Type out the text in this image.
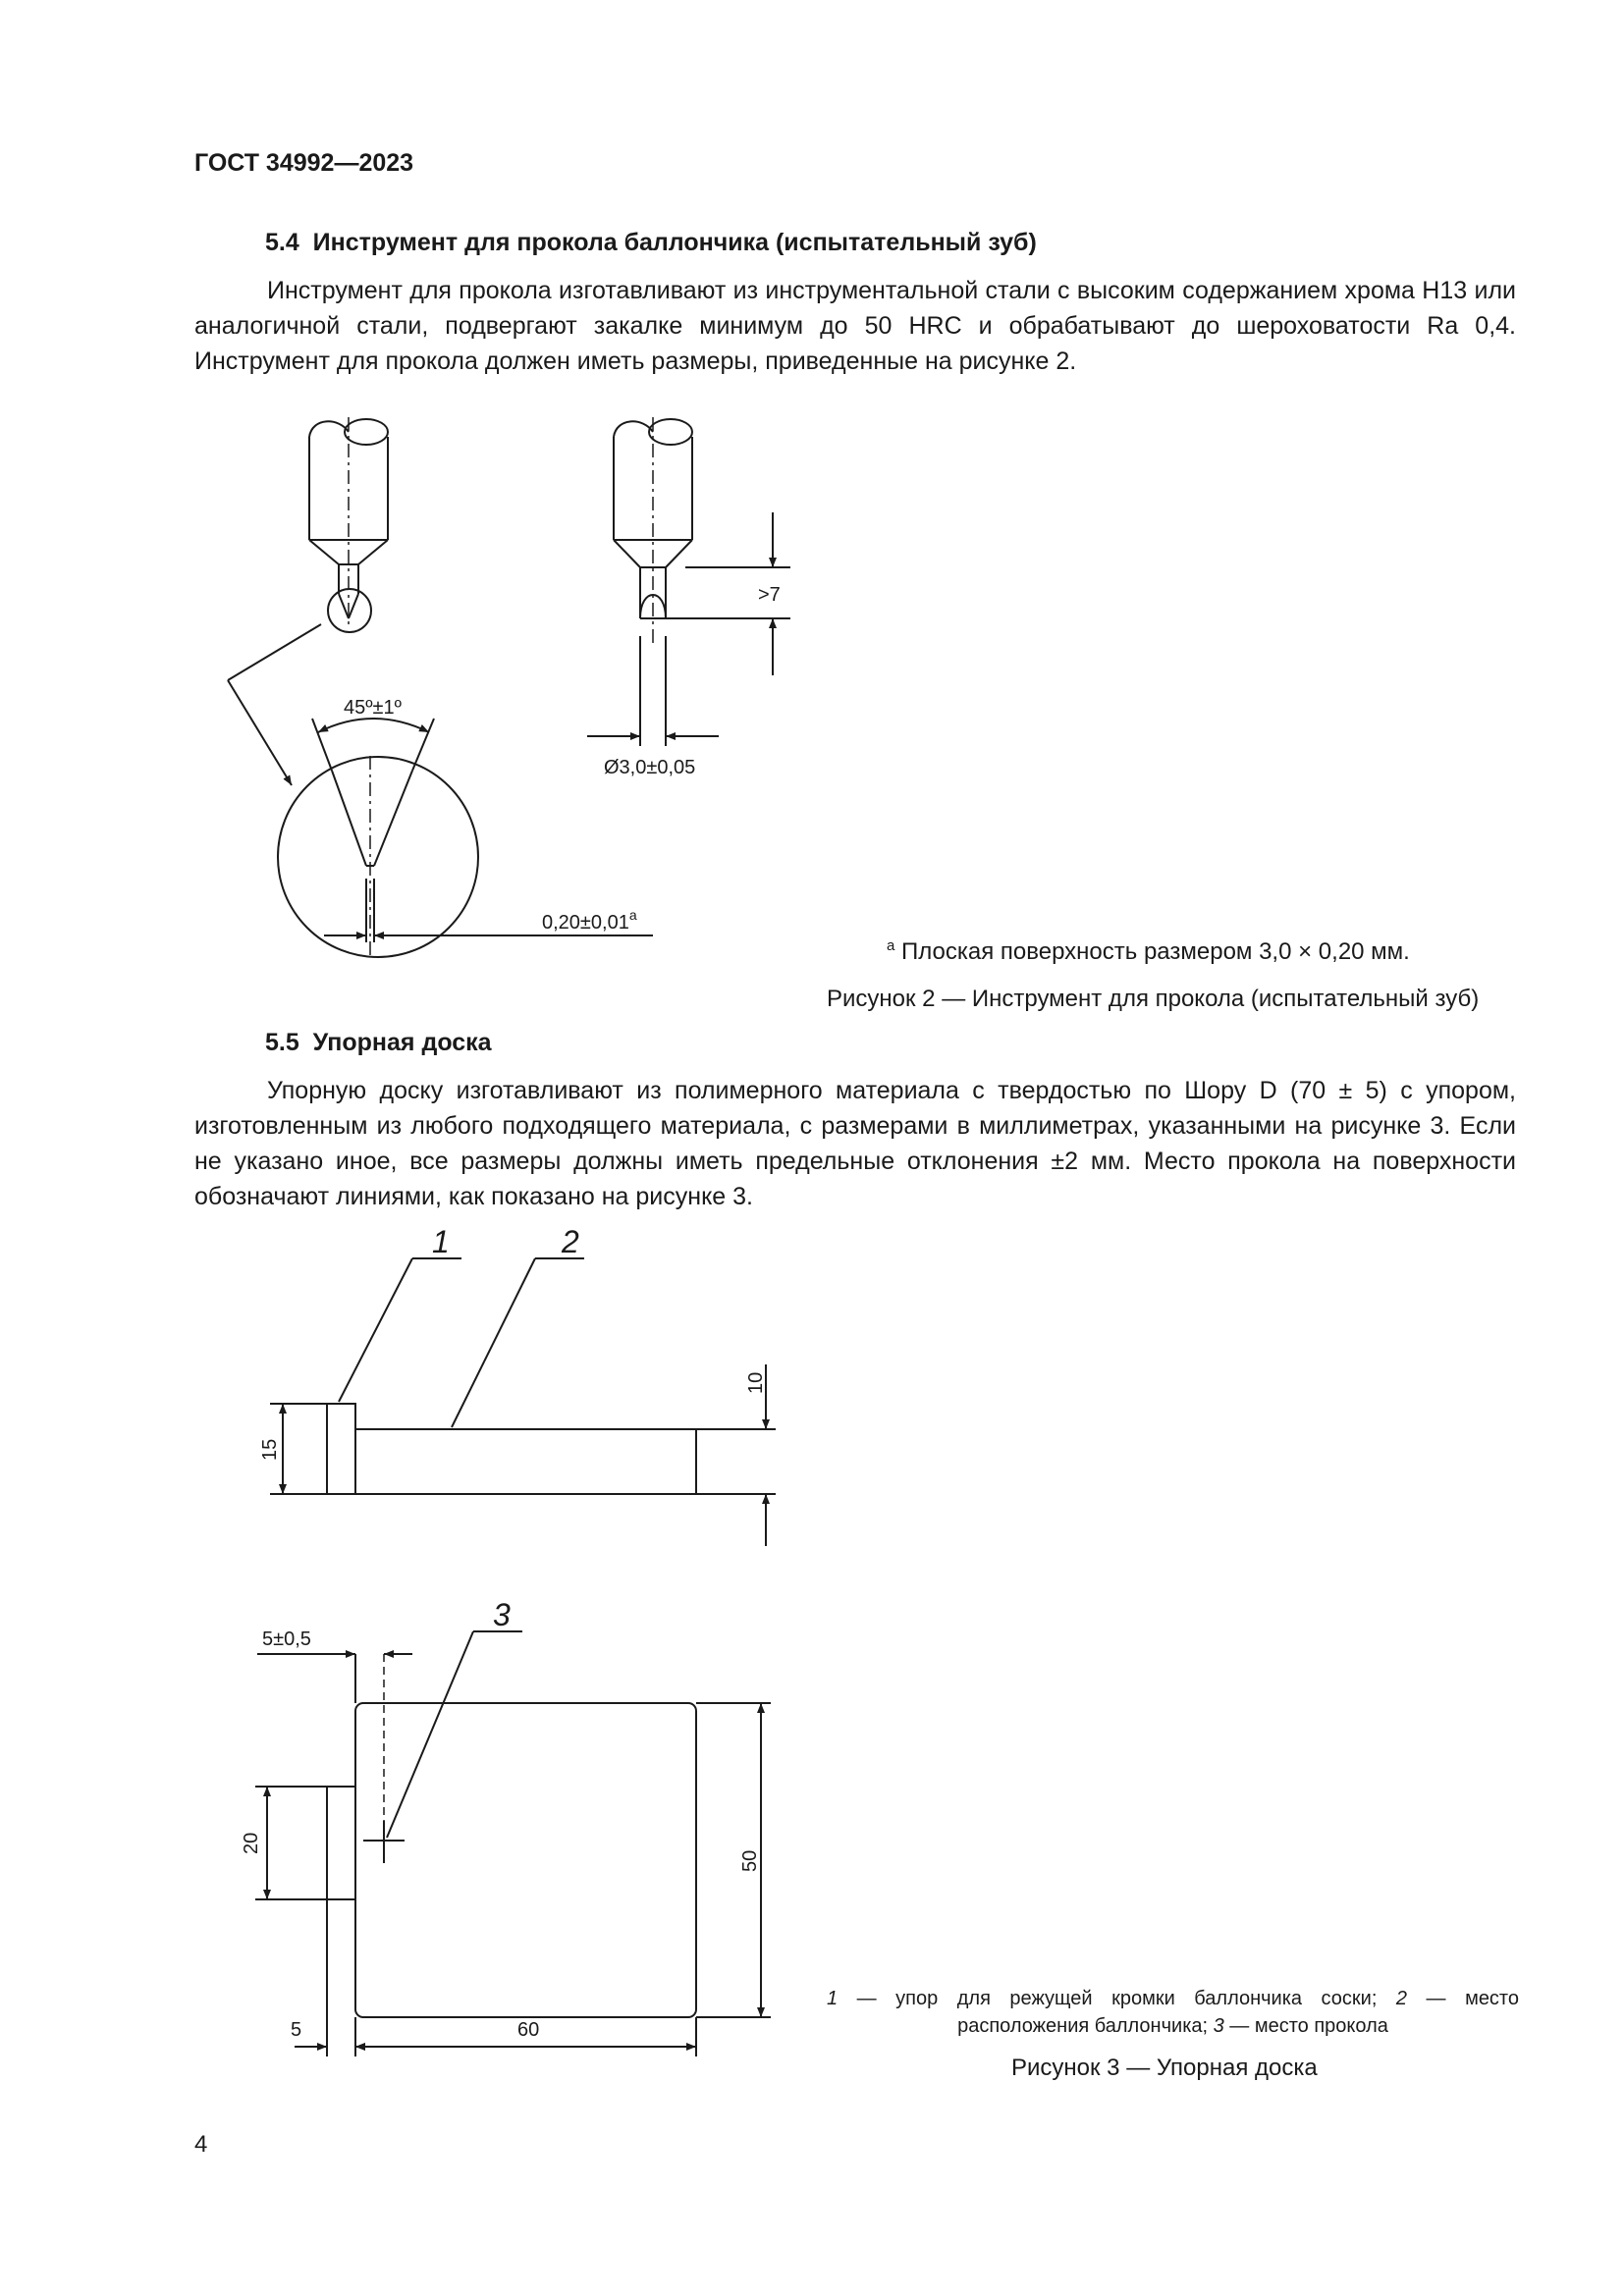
ГОСТ 34992—2023
5.4 Инструмент для прокола баллончика (испытательный зуб)

Инструмент для прокола изготавливают из инструментальной стали с высоким содержанием хрома Н13 или аналогичной стали, подвергают закалке минимум до 50 HRC и обрабатывают до шероховатости Ra 0,4. Инструмент для прокола должен иметь размеры, приведенные на рисунке 2.

45º±1º
>7
Ø3,0±0,05
0,20±0,01$^a$
$^a$ Плоская поверхность размером 3,0 × 0,20 мм.
Рисунок 2 — Инструмент для прокола (испытательный зуб)
5.5 Упорная доска

Упорную доску изготавливают из полимерного материала с твердостью по Шору D (70 ± 5) с упором, изготовленным из любого подходящего материала, с размерами в миллиметрах, указанными на рисунке 3. Если не указано иное, все размеры должны иметь предельные отклонения ±2 мм. Место прокола на поверхности обозначают линиями, как показано на рисунке 3.

1	2
3
10
15
5±0,5
20
50
5	60
1 — упор для режущей кромки баллончика соски; 2 — место расположения баллончика; 3 — место прокола
Рисунок 3 — Упорная доска
4
